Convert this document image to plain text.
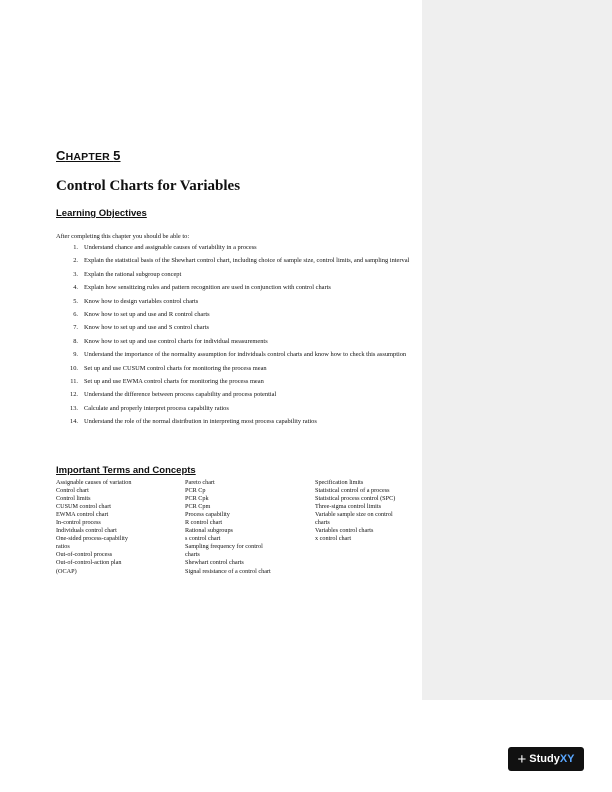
CHAPTER 5
Control Charts for Variables
Learning Objectives
After completing this chapter you should be able to:
1. Understand chance and assignable causes of variability in a process
2. Explain the statistical basis of the Shewhart control chart, including choice of sample size, control limits, and sampling interval
3. Explain the rational subgroup concept
4. Explain how sensitizing rules and pattern recognition are used in conjunction with control charts
5. Know how to design variables control charts
6. Know how to set up and use and R control charts
7. Know how to set up and use and S control charts
8. Know how to set up and use control charts for individual measurements
9. Understand the importance of the normality assumption for individuals control charts and know how to check this assumption
10. Set up and use CUSUM control charts for monitoring the process mean
11. Set up and use EWMA control charts for monitoring the process mean
12. Understand the difference between process capability and process potential
13. Calculate and properly interpret process capability ratios
14. Understand the role of the normal distribution in interpreting most process capability ratios
Important Terms and Concepts
Assignable causes of variation
Control chart
Control limits
CUSUM control chart
EWMA control chart
In-control process
Individuals control chart
One-sided process-capability
ratios
Out-of-control process
Out-of-control-action plan
(OCAP)
Pareto chart
PCR Cp
PCR Cpk
PCR Cpm
Process capability
R control chart
Rational subgroups
s control chart
Sampling frequency for control
charts
Shewhart control charts
Signal resistance of a control chart
Specification limits
Statistical control of a process
Statistical process control (SPC)
Three-sigma control limits
Variable sample size on control
charts
Variables control charts
x control chart
+ Study XY
